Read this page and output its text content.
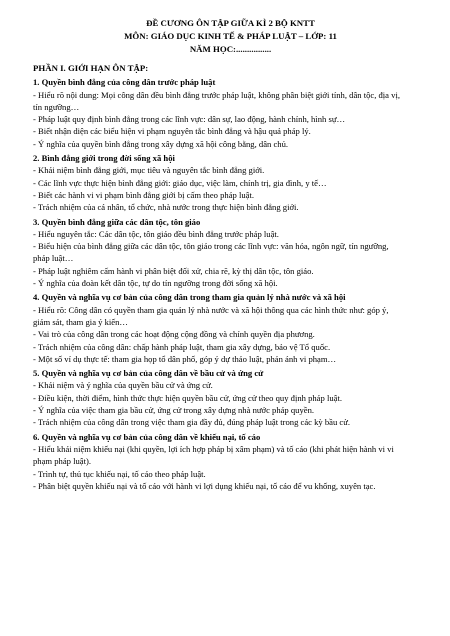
ĐỀ CƯƠNG ÔN TẬP GIỮA KÌ 2 BỘ KNTT
MÔN: GIÁO DỤC KINH TẾ & PHÁP LUẬT – LỚP: 11
NĂM HỌC:................
PHẦN I. GIỚI HẠN ÔN TẬP:
1. Quyền bình đẳng của công dân trước pháp luật
- Hiểu rõ nội dung: Mọi công dân đều bình đẳng trước pháp luật, không phân biệt giới tính, dân tộc, địa vị,
tín ngưỡng…
- Pháp luật quy định bình đẳng trong các lĩnh vực: dân sự, lao động, hành chính, hình sự…
- Biết nhận diện các biểu hiện vi phạm nguyên tắc bình đẳng và hậu quả pháp lý.
- Ý nghĩa của quyền bình đẳng trong xây dựng xã hội công bằng, dân chủ.
2. Bình đẳng giới trong đời sống xã hội
- Khái niệm bình đẳng giới, mục tiêu và nguyên tắc bình đẳng giới.
- Các lĩnh vực thực hiện bình đẳng giới: giáo dục, việc làm, chính trị, gia đình, y tế…
- Biết các hành vi vi phạm bình đẳng giới bị cấm theo pháp luật.
- Trách nhiệm của cá nhân, tổ chức, nhà nước trong thực hiện bình đẳng giới.
3. Quyền bình đẳng giữa các dân tộc, tôn giáo
- Hiểu nguyên tắc: Các dân tộc, tôn giáo đều bình đẳng trước pháp luật.
- Biểu hiện của bình đẳng giữa các dân tộc, tôn giáo trong các lĩnh vực: văn hóa, ngôn ngữ, tín ngưỡng,
pháp luật…
- Pháp luật nghiêm cấm hành vi phân biệt đối xử, chia rẽ, kỳ thị dân tộc, tôn giáo.
- Ý nghĩa của đoàn kết dân tộc, tự do tín ngưỡng trong đời sống xã hội.
4. Quyền và nghĩa vụ cơ bản của công dân trong tham gia quản lý nhà nước và xã hội
- Hiểu rõ: Công dân có quyền tham gia quản lý nhà nước và xã hội thông qua các hình thức như: góp ý,
giám sát, tham gia ý kiến…
- Vai trò của công dân trong các hoạt động cộng đồng và chính quyền địa phương.
- Trách nhiệm của công dân: chấp hành pháp luật, tham gia xây dựng, bảo vệ Tổ quốc.
- Một số ví dụ thực tế: tham gia họp tổ dân phố, góp ý dự thảo luật, phản ánh vi phạm…
5. Quyền và nghĩa vụ cơ bản của công dân về bầu cử và ứng cử
- Khái niệm và ý nghĩa của quyền bầu cử và ứng cử.
- Điều kiện, thời điểm, hình thức thực hiện quyền bầu cử, ứng cử theo quy định pháp luật.
- Ý nghĩa của việc tham gia bầu cử, ứng cử trong xây dựng nhà nước pháp quyền.
- Trách nhiệm của công dân trong việc tham gia đầy đủ, đúng pháp luật trong các kỳ bầu cử.
6. Quyền và nghĩa vụ cơ bản của công dân về khiếu nại, tố cáo
- Hiểu khái niệm khiếu nại (khi quyền, lợi ích hợp pháp bị xâm phạm) và tố cáo (khi phát hiện hành vi vi
phạm pháp luật).
- Trình tự, thủ tục khiếu nại, tố cáo theo pháp luật.
- Phân biệt quyền khiếu nại và tố cáo với hành vi lợi dụng khiếu nại, tố cáo để vu khống, xuyên tạc.
